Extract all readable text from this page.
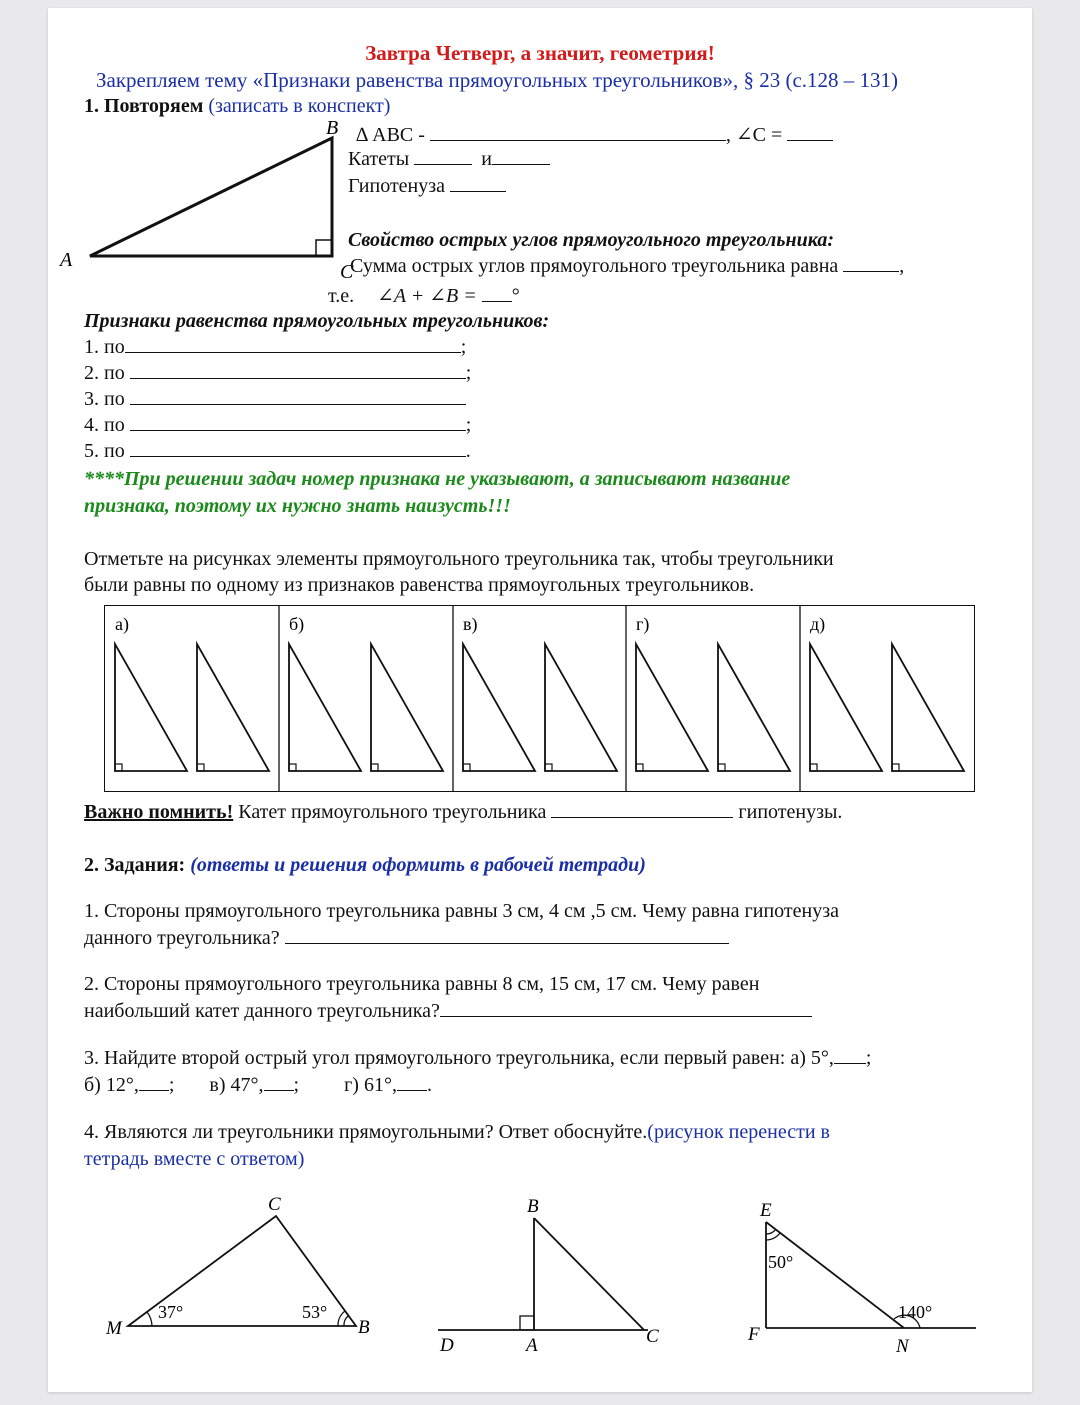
Завтра Четверг, а значит, геометрия!
Закрепляем тему «Признаки равенства прямоугольных треугольников», § 23 (с.128 – 131)
1. Повторяем (записать в конспект)
A
B
C
∆ ABC -	, ∠C =
Катеты	и
Гипотенуза
Свойство острых углов прямоугольного треугольника:
Сумма острых углов прямоугольного треугольника равна	,
т.е. ∠A + ∠B = °
Признаки равенства прямоугольных треугольников:
1. по	;
2. по	;
3. по
4. по	;
5. по	.
****При решении задач номер признака не указывают, а записывают название
признака, поэтому их нужно знать наизусть!!!
Отметьте на рисунках элементы прямоугольного треугольника так, чтобы треугольники
были равны по одному из признаков равенства прямоугольных треугольников.
а)	б)	в)	г)	д)
Важно помнить! Катет прямоугольного треугольника	гипотенузы.
2. Задания: (ответы и решения оформить в рабочей тетради)
1. Стороны прямоугольного треугольника равны 3 см, 4 см ,5 см. Чему равна гипотенуза
данного треугольника?
2. Стороны прямоугольного треугольника равны 8 см, 15 см, 17 см. Чему равен
наибольший катет данного треугольника?
3. Найдите второй острый угол прямоугольного треугольника, если первый равен: а) 5°, ;
б) 12°, ; в) 47°, ; г) 61°, .
4. Являются ли треугольники прямоугольными? Ответ обоснуйте.(рисунок перенести в
тетрадь вместе с ответом)
M
C
B
37°	53°
B
D	A	C
E
F
N
50°
140°
